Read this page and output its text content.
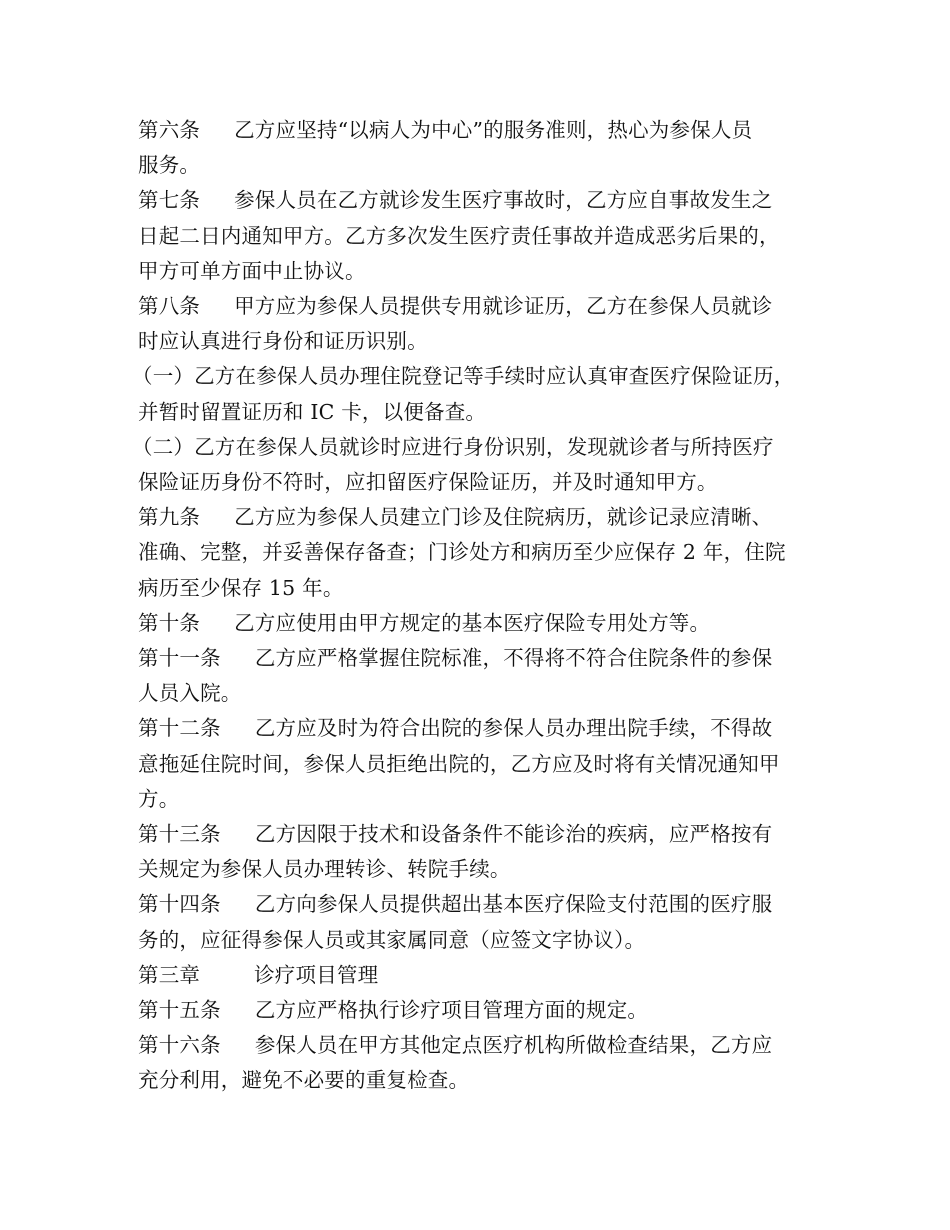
第六条 乙方应坚持“以病人为中心”的服务准则，热心为参保人员

服务。

第七条 参保人员在乙方就诊发生医疗事故时，乙方应自事故发生之

日起二日内通知甲方。乙方多次发生医疗责任事故并造成恶劣后果的，

甲方可单方面中止协议。

第八条 甲方应为参保人员提供专用就诊证历，乙方在参保人员就诊

时应认真进行身份和证历识别。

（一）乙方在参保人员办理住院登记等手续时应认真审查医疗保险证历，

并暂时留置证历和 IC 卡，以便备查。

（二）乙方在参保人员就诊时应进行身份识别，发现就诊者与所持医疗

保险证历身份不符时，应扣留医疗保险证历，并及时通知甲方。

第九条 乙方应为参保人员建立门诊及住院病历，就诊记录应清晰、

准确、完整，并妥善保存备查；门诊处方和病历至少应保存 2 年，住院

病历至少保存 15 年。

第十条 乙方应使用由甲方规定的基本医疗保险专用处方等。

第十一条 乙方应严格掌握住院标准，不得将不符合住院条件的参保

人员入院。

第十二条 乙方应及时为符合出院的参保人员办理出院手续，不得故

意拖延住院时间，参保人员拒绝出院的，乙方应及时将有关情况通知甲

方。

第十三条 乙方因限于技术和设备条件不能诊治的疾病，应严格按有

关规定为参保人员办理转诊、转院手续。

第十四条 乙方向参保人员提供超出基本医疗保险支付范围的医疗服

务的，应征得参保人员或其家属同意（应签文字协议）。

第三章	诊疗项目管理

第十五条 乙方应严格执行诊疗项目管理方面的规定。

第十六条 参保人员在甲方其他定点医疗机构所做检查结果，乙方应

充分利用，避免不必要的重复检查。
